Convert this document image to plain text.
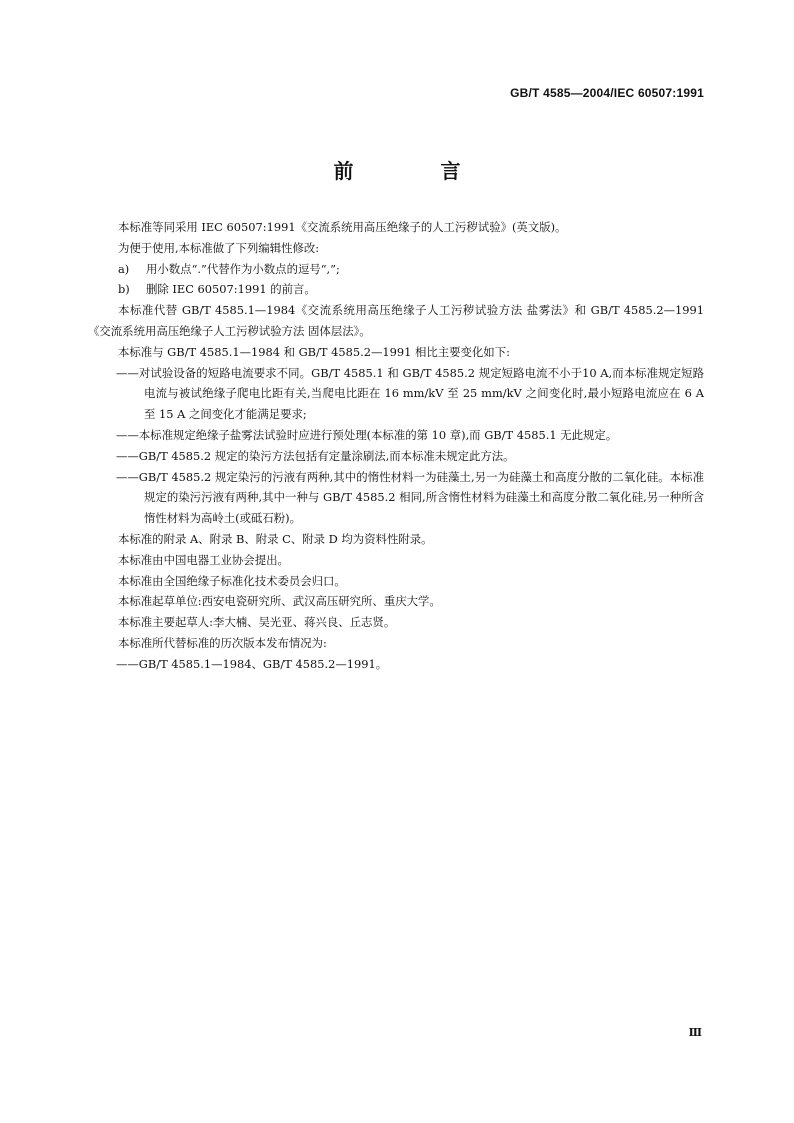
GB/T 4585—2004/IEC 60507:1991
前 言

本标准等同采用 IEC 60507:1991《交流系统用高压绝缘子的人工污秽试验》(英文版)。

为便于使用,本标准做了下列编辑性修改:

a)	用小数点“.”代替作为小数点的逗号“,”;
b)	删除 IEC 60507:1991 的前言。

本标准代替 GB/T 4585.1—1984《交流系统用高压绝缘子人工污秽试验方法 盐雾法》和 GB/T 4585.2—1991《交流系统用高压绝缘子人工污秽试验方法 固体层法》。

本标准与 GB/T 4585.1—1984 和 GB/T 4585.2—1991 相比主要变化如下:

——对试验设备的短路电流要求不同。GB/T 4585.1 和 GB/T 4585.2 规定短路电流不小于10 A,而本标准规定短路电流与被试绝缘子爬电比距有关,当爬电比距在 16 mm/kV 至 25 mm/kV 之间变化时,最小短路电流应在 6 A 至 15 A 之间变化才能满足要求;

——本标准规定绝缘子盐雾法试验时应进行预处理(本标准的第 10 章),而 GB/T 4585.1 无此规定。

——GB/T 4585.2 规定的染污方法包括有定量涂刷法,而本标准未规定此方法。

——GB/T 4585.2 规定染污的污液有两种,其中的惰性材料一为硅藻土,另一为硅藻土和高度分散的二氧化硅。本标准规定的染污污液有两种,其中一种与 GB/T 4585.2 相同,所含惰性材料为硅藻土和高度分散二氧化硅,另一种所含惰性材料为高岭土(或砥石粉)。

本标准的附录 A、附录 B、附录 C、附录 D 均为资料性附录。

本标准由中国电器工业协会提出。

本标准由全国绝缘子标准化技术委员会归口。

本标准起草单位:西安电瓷研究所、武汉高压研究所、重庆大学。

本标准主要起草人:李大楠、吴光亚、蒋兴良、丘志贤。

本标准所代替标准的历次版本发布情况为:

——GB/T 4585.1—1984、GB/T 4585.2—1991。

Ⅲ
